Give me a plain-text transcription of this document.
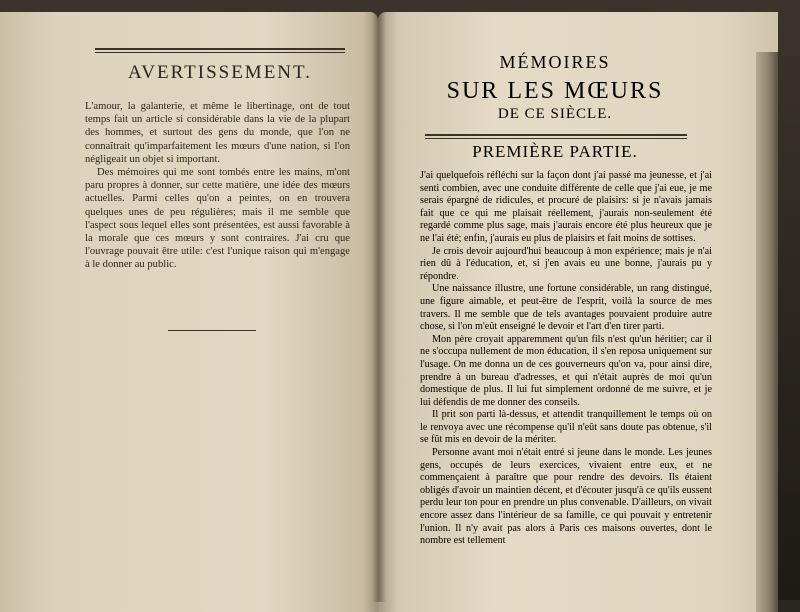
AVERTISSEMENT.

L'amour, la galanterie, et même le libertinage, ont de tout temps fait un article si considérable dans la vie de la plupart des hommes, et surtout des gens du monde, que l'on ne connaîtrait qu'imparfaitement les mœurs d'une nation, si l'on négligeait un objet si important.

Des mémoires qui me sont tombés entre les mains, m'ont paru propres à donner, sur cette matière, une idée des mœurs actuelles. Parmi celles qu'on a peintes, on en trouvera quelques unes de peu régulières; mais il me semble que l'aspect sous lequel elles sont présentées, est aussi favorable à la morale que ces mœurs y sont contraires. J'ai cru que l'ouvrage pouvait être utile: c'est l'unique raison qui m'engage à le donner au public.

MÉMOIRES
SUR LES MŒURS
DE CE SIÈCLE.
PREMIÈRE PARTIE.

J'ai quelquefois réfléchi sur la façon dont j'ai passé ma jeunesse, et j'ai senti combien, avec une conduite différente de celle que j'ai eue, je me serais épargné de ridicules, et procuré de plaisirs: si je n'avais jamais fait que ce qui me plaisait réellement, j'aurais non-seulement été regardé comme plus sage, mais j'aurais encore été plus heureux que je ne l'ai été; enfin, j'aurais eu plus de plaisirs et fait moins de sottises.

Je crois devoir aujourd'hui beaucoup à mon expérience; mais je n'ai rien dû à l'éducation, et, si j'en avais eu une bonne, j'aurais pu y répondre.

Une naissance illustre, une fortune considérable, un rang distingué, une figure aimable, et peut-être de l'esprit, voilà la source de mes travers. Il me semble que de tels avantages pouvaient produire autre chose, si l'on m'eût enseigné le devoir et l'art d'en tirer parti.

Mon père croyait apparemment qu'un fils n'est qu'un héritier; car il ne s'occupa nullement de mon éducation, il s'en reposa uniquement sur l'usage. On me donna un de ces gouverneurs qu'on va, pour ainsi dire, prendre à un bureau d'adresses, et qui n'était auprès de moi qu'un domestique de plus. Il lui fut simplement ordonné de me suivre, et je lui défendis de me donner des conseils.

Il prit son parti là-dessus, et attendit tranquillement le temps où on le renvoya avec une récompense qu'il n'eût sans doute pas obtenue, s'il se fût mis en devoir de la mériter.

Personne avant moi n'était entré si jeune dans le monde. Les jeunes gens, occupés de leurs exercices, vivaient entre eux, et ne commençaient à paraître que pour rendre des devoirs. Ils étaient obligés d'avoir un maintien décent, et d'écouter jusqu'à ce qu'ils eussent perdu leur ton pour en prendre un plus convenable. D'ailleurs, on vivait encore assez dans l'intérieur de sa famille, ce qui pouvait y entretenir l'union. Il n'y avait pas alors à Paris ces maisons ouvertes, dont le nombre est tellement
